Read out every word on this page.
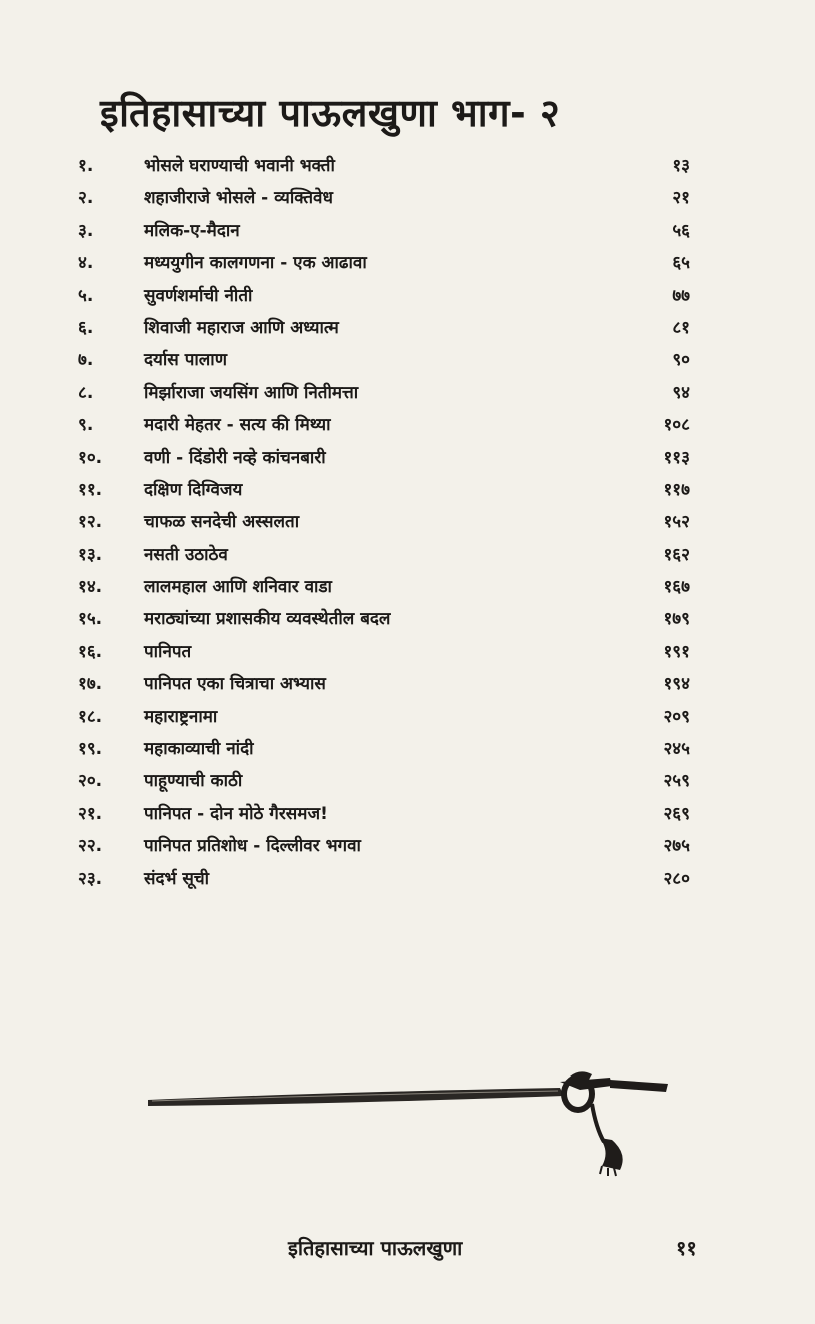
इतिहासाच्या पाऊलखुणा भाग- २
१.	भोसले घराण्याची भवानी भक्ती	१३
२.	शहाजीराजे भोसले - व्यक्तिवेध	२१
३.	मलिक-ए-मैदान	५६
४.	मध्ययुगीन कालगणना - एक आढावा	६५
५.	सुवर्णशर्माची नीती	७७
६.	शिवाजी महाराज आणि अध्यात्म	८१
७.	दर्यास पालाण	९०
८.	मिर्झाराजा जयसिंग आणि नितीमत्ता	९४
९.	मदारी मेहतर - सत्य की मिथ्या	१०८
१०.	वणी - दिंडोरी नव्हे कांचनबारी	११३
११.	दक्षिण दिग्विजय	११७
१२.	चाफळ सनदेची अस्सलता	१५२
१३.	नसती उठाठेव	१६२
१४.	लालमहाल आणि शनिवार वाडा	१६७
१५.	मराठ्यांच्या प्रशासकीय व्यवस्थेतील बदल	१७९
१६.	पानिपत	१९१
१७.	पानिपत एका चित्राचा अभ्यास	१९४
१८.	महाराष्ट्रनामा	२०९
१९.	महाकाव्याची नांदी	२४५
२०.	पाहूण्याची काठी	२५९
२१.	पानिपत - दोन मोठे गैरसमज!	२६९
२२.	पानिपत प्रतिशोध - दिल्लीवर भगवा	२७५
२३.	संदर्भ सूची	२८०
इतिहासाच्या पाऊलखुणा	११
